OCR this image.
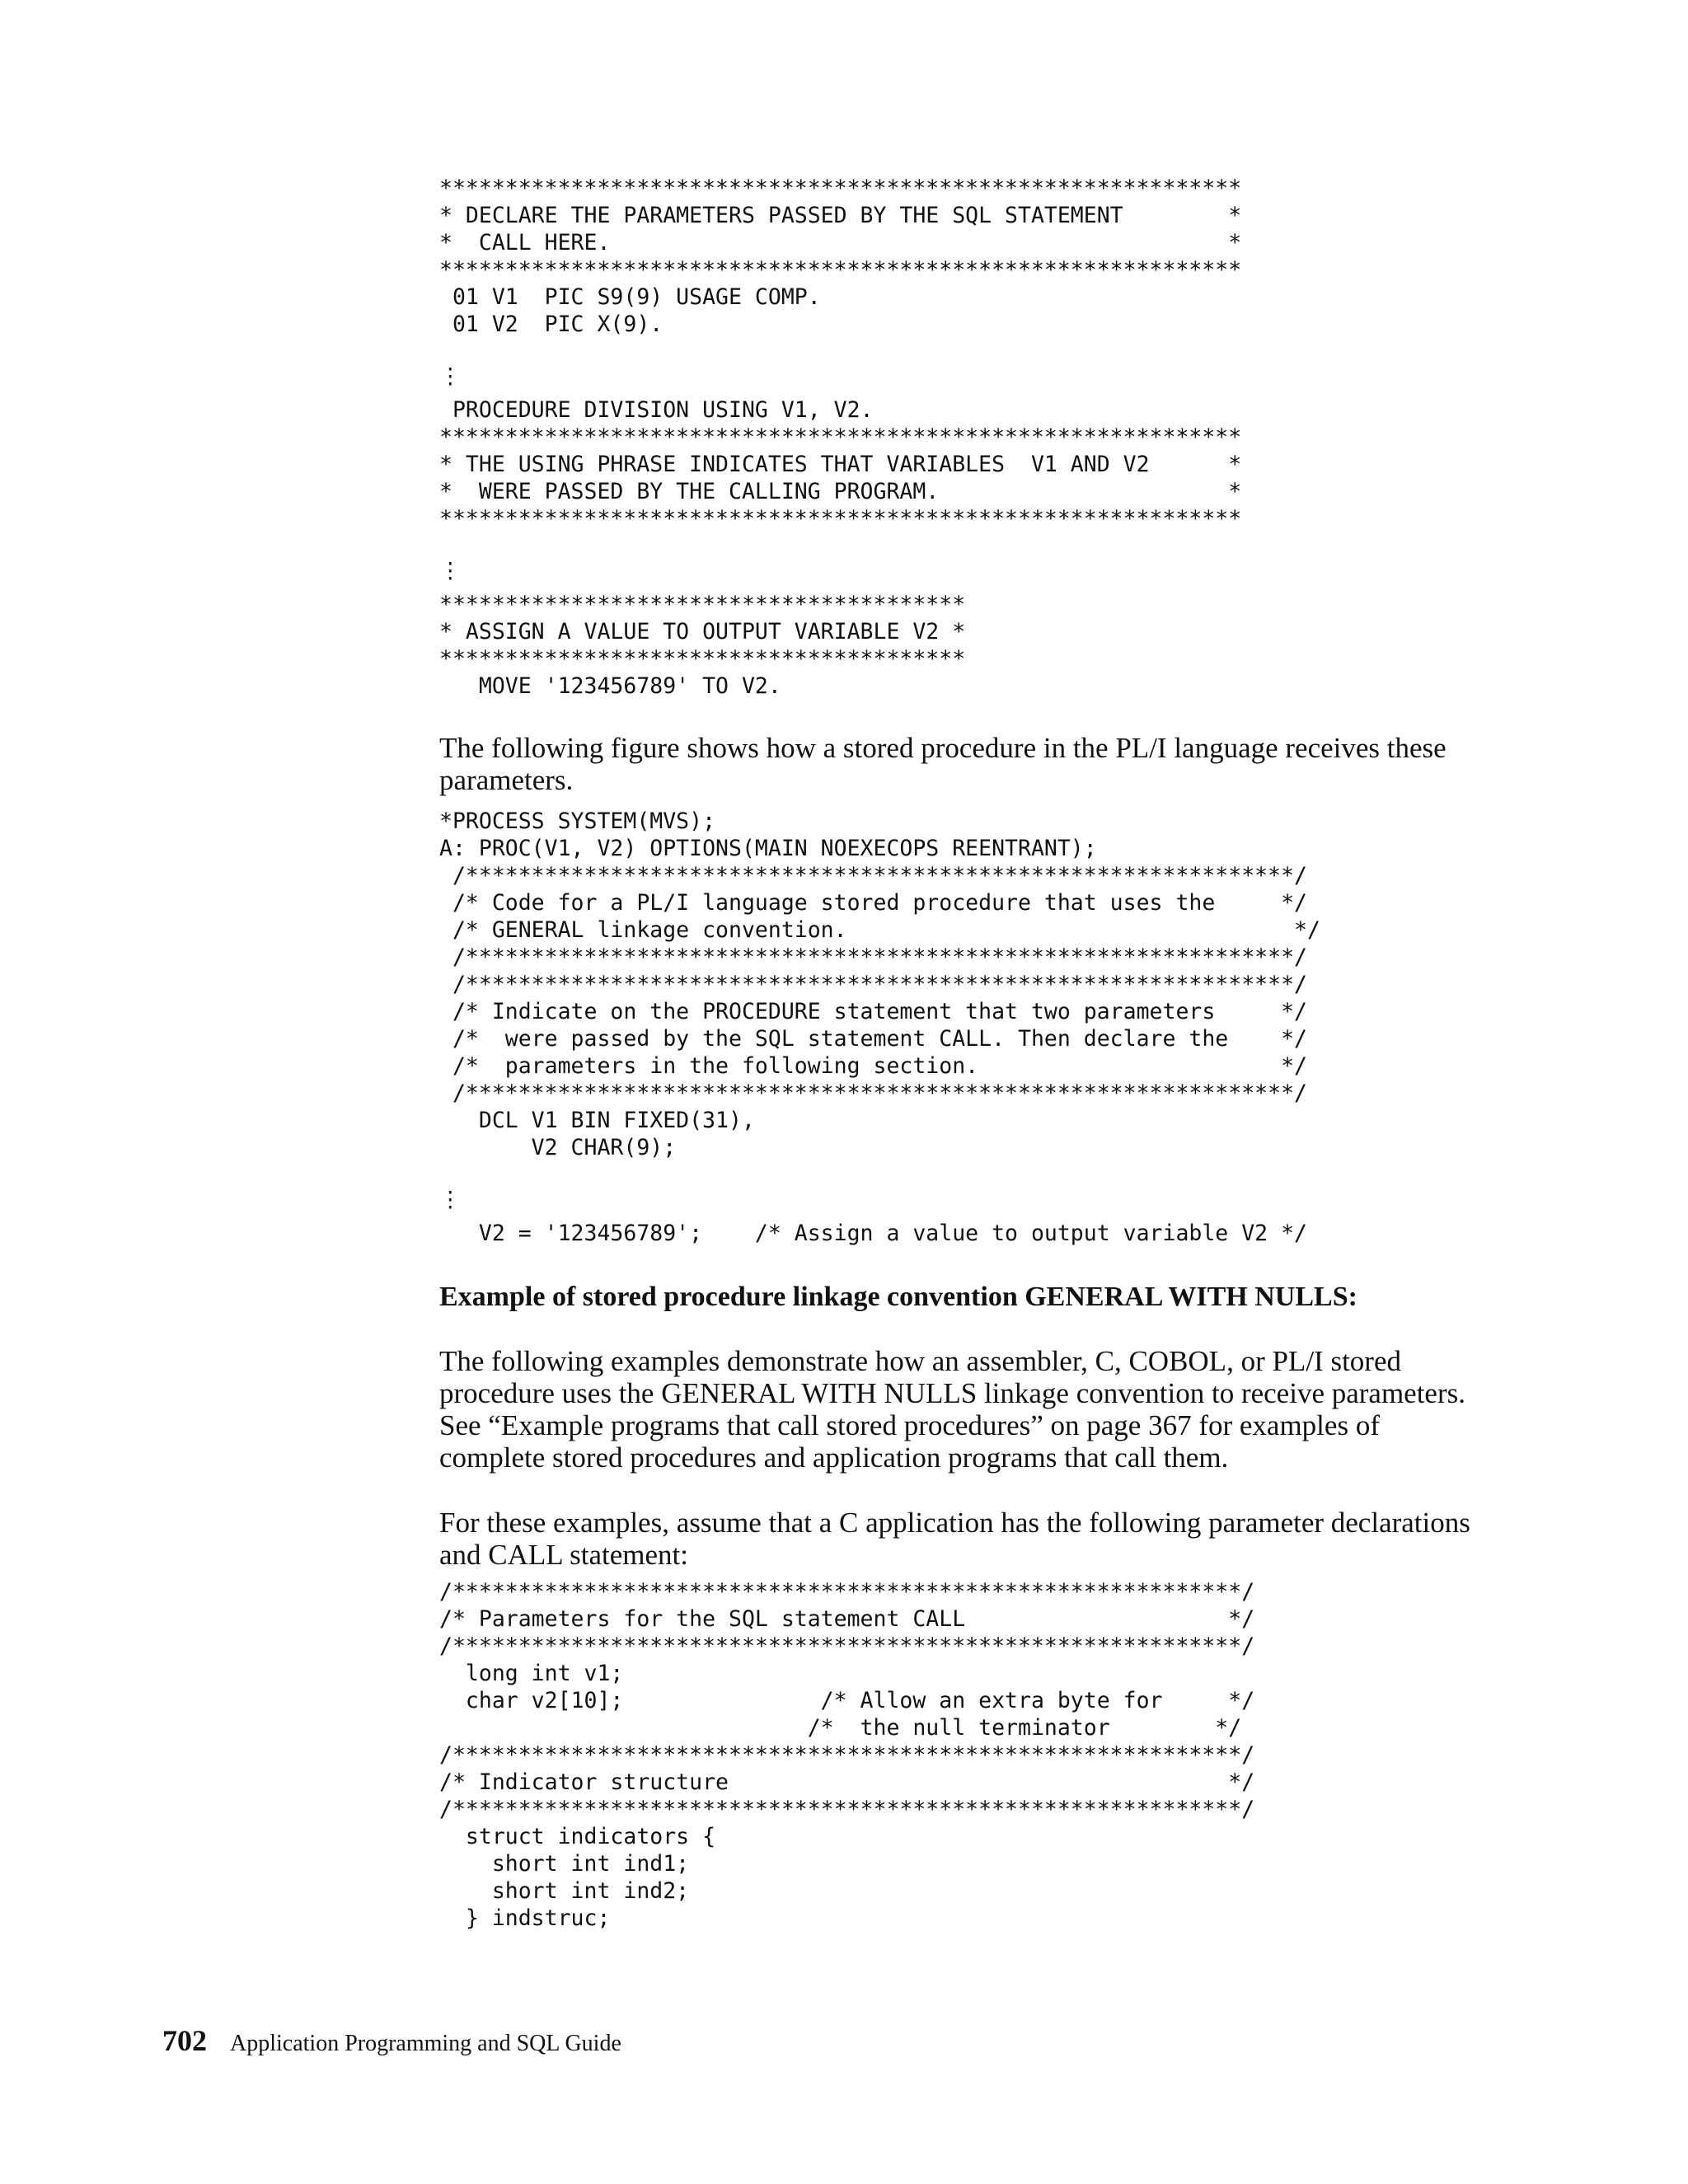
*************************************************************
* DECLARE THE PARAMETERS PASSED BY THE SQL STATEMENT        *
*  CALL HERE.                                               *
*************************************************************
01 V1  PIC S9(9) USAGE COMP.
01 V2  PIC X(9).
⋮
PROCEDURE DIVISION USING V1, V2.
*************************************************************
* THE USING PHRASE INDICATES THAT VARIABLES  V1 AND V2      *
*  WERE PASSED BY THE CALLING PROGRAM.                      *
*************************************************************
⋮
****************************************
* ASSIGN A VALUE TO OUTPUT VARIABLE V2 *
****************************************
MOVE '123456789' TO V2.

The following figure shows how a stored procedure in the PL/I language receives these parameters.

*PROCESS SYSTEM(MVS);
A: PROC(V1, V2) OPTIONS(MAIN NOEXECOPS REENTRANT);
/***************************************************************/
/* Code for a PL/I language stored procedure that uses the     */
/* GENERAL linkage convention.                                  */
/***************************************************************/
/***************************************************************/
/* Indicate on the PROCEDURE statement that two parameters     */
/*  were passed by the SQL statement CALL. Then declare the    */
/*  parameters in the following section.                       */
/***************************************************************/
DCL V1 BIN FIXED(31),
V2 CHAR(9);
⋮
V2 = '123456789';    /* Assign a value to output variable V2 */

Example of stored procedure linkage convention GENERAL WITH NULLS:

The following examples demonstrate how an assembler, C, COBOL, or PL/I stored procedure uses the GENERAL WITH NULLS linkage convention to receive parameters. See “Example programs that call stored procedures” on page 367 for examples of complete stored procedures and application programs that call them.

For these examples, assume that a C application has the following parameter declarations and CALL statement:

/************************************************************/
/* Parameters for the SQL statement CALL                    */
/************************************************************/
long int v1;
char v2[10];               /* Allow an extra byte for     */
/*  the null terminator        */
/************************************************************/
/* Indicator structure                                      */
/************************************************************/
struct indicators {
short int ind1;
short int ind2;
} indstruc;
702 Application Programming and SQL Guide
